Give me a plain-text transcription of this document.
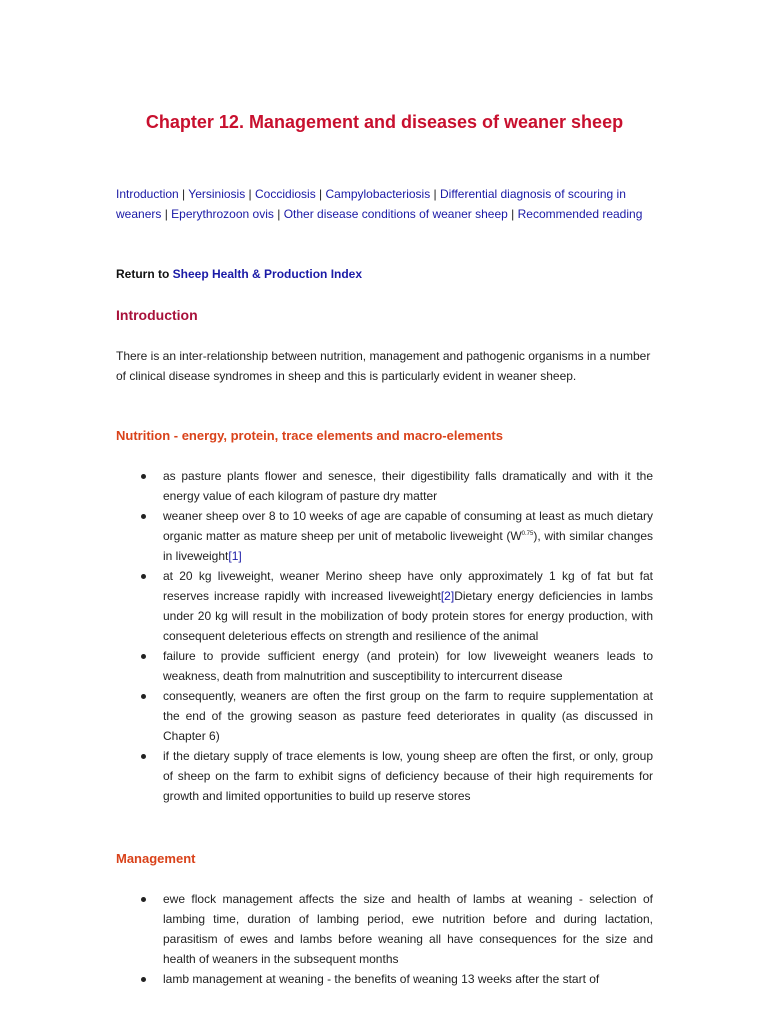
Chapter 12. Management and diseases of weaner sheep
Introduction | Yersiniosis | Coccidiosis | Campylobacteriosis | Differential diagnosis of scouring in weaners | Eperythrozoon ovis | Other disease conditions of weaner sheep | Recommended reading
Return to Sheep Health & Production Index
Introduction

There is an inter-relationship between nutrition, management and pathogenic organisms in a number of clinical disease syndromes in sheep and this is particularly evident in weaner sheep.

Nutrition - energy, protein, trace elements and macro-elements
as pasture plants flower and senesce, their digestibility falls dramatically and with it the energy value of each kilogram of pasture dry matter
weaner sheep over 8 to 10 weeks of age are capable of consuming at least as much dietary organic matter as mature sheep per unit of metabolic liveweight $(W^{0.75})$, with similar changes in liveweight[1]
at 20 kg liveweight, weaner Merino sheep have only approximately 1 kg of fat but fat reserves increase rapidly with increased liveweight[2]Dietary energy deficiencies in lambs under 20 kg will result in the mobilization of body protein stores for energy production, with consequent deleterious effects on strength and resilience of the animal
failure to provide sufficient energy (and protein) for low liveweight weaners leads to weakness, death from malnutrition and susceptibility to intercurrent disease
consequently, weaners are often the first group on the farm to require supplementation at the end of the growing season as pasture feed deteriorates in quality (as discussed in Chapter 6)
if the dietary supply of trace elements is low, young sheep are often the first, or only, group of sheep on the farm to exhibit signs of deficiency because of their high requirements for growth and limited opportunities to build up reserve stores
Management
ewe flock management affects the size and health of lambs at weaning - selection of lambing time, duration of lambing period, ewe nutrition before and during lactation, parasitism of ewes and lambs before weaning all have consequences for the size and health of weaners in the subsequent months
lamb management at weaning - the benefits of weaning 13 weeks after the start of
